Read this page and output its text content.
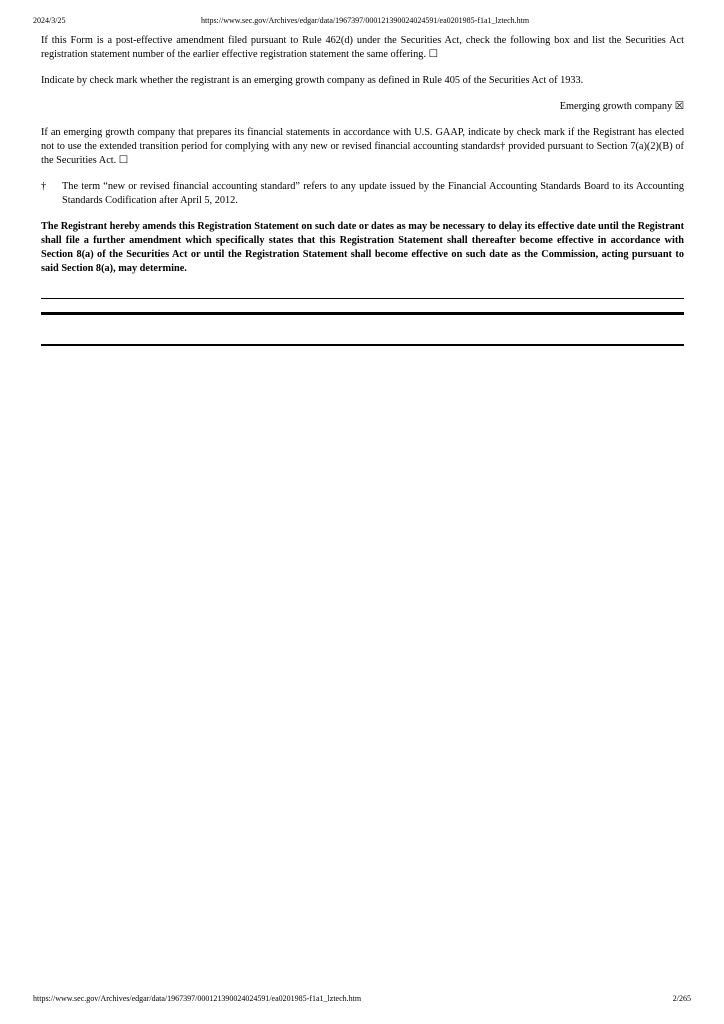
2024/3/25	https://www.sec.gov/Archives/edgar/data/1967397/000121390024024591/ea0201985-f1a1_lztech.htm

If this Form is a post-effective amendment filed pursuant to Rule 462(d) under the Securities Act, check the following box and list the Securities Act registration statement number of the earlier effective registration statement the same offering. ☐

Indicate by check mark whether the registrant is an emerging growth company as defined in Rule 405 of the Securities Act of 1933.

Emerging growth company ☒

If an emerging growth company that prepares its financial statements in accordance with U.S. GAAP, indicate by check mark if the Registrant has elected not to use the extended transition period for complying with any new or revised financial accounting standards† provided pursuant to Section 7(a)(2)(B) of the Securities Act. ☐

†	The term “new or revised financial accounting standard” refers to any update issued by the Financial Accounting Standards Board to its Accounting Standards Codification after April 5, 2012.

The Registrant hereby amends this Registration Statement on such date or dates as may be necessary to delay its effective date until the Registrant shall file a further amendment which specifically states that this Registration Statement shall thereafter become effective in accordance with Section 8(a) of the Securities Act or until the Registration Statement shall become effective on such date as the Commission, acting pursuant to said Section 8(a), may determine.

https://www.sec.gov/Archives/edgar/data/1967397/000121390024024591/ea0201985-f1a1_lztech.htm	2/265
